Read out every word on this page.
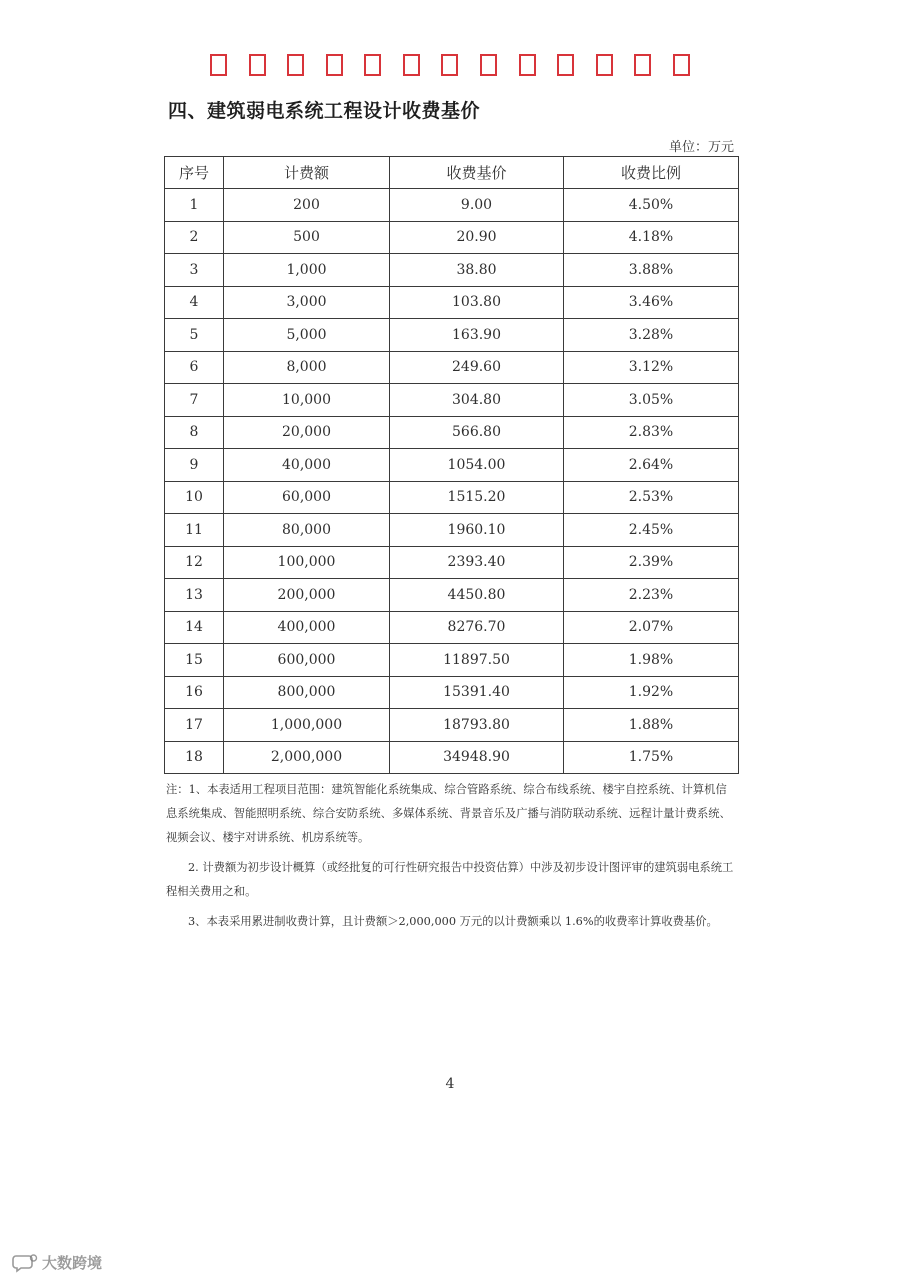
四、建筑弱电系统工程设计收费基价
单位：万元
序号	计费额	收费基价	收费比例
1	200	9.00	4.50%
2	500	20.90	4.18%
3	1,000	38.80	3.88%
4	3,000	103.80	3.46%
5	5,000	163.90	3.28%
6	8,000	249.60	3.12%
7	10,000	304.80	3.05%
8	20,000	566.80	2.83%
9	40,000	1054.00	2.64%
10	60,000	1515.20	2.53%
11	80,000	1960.10	2.45%
12	100,000	2393.40	2.39%
13	200,000	4450.80	2.23%
14	400,000	8276.70	2.07%
15	600,000	11897.50	1.98%
16	800,000	15391.40	1.92%
17	1,000,000	18793.80	1.88%
18	2,000,000	34948.90	1.75%

注：1、本表适用工程项目范围：建筑智能化系统集成、综合管路系统、综合布线系统、楼宇自控系统、计算机信息系统集成、智能照明系统、综合安防系统、多媒体系统、背景音乐及广播与消防联动系统、远程计量计费系统、视频会议、楼宇对讲系统、机房系统等。

2. 计费额为初步设计概算（或经批复的可行性研究报告中投资估算）中涉及初步设计图评审的建筑弱电系统工程相关费用之和。

3、本表采用累进制收费计算，且计费额＞2,000,000 万元的以计费额乘以 1.6%的收费率计算收费基价。

4
大数跨境
